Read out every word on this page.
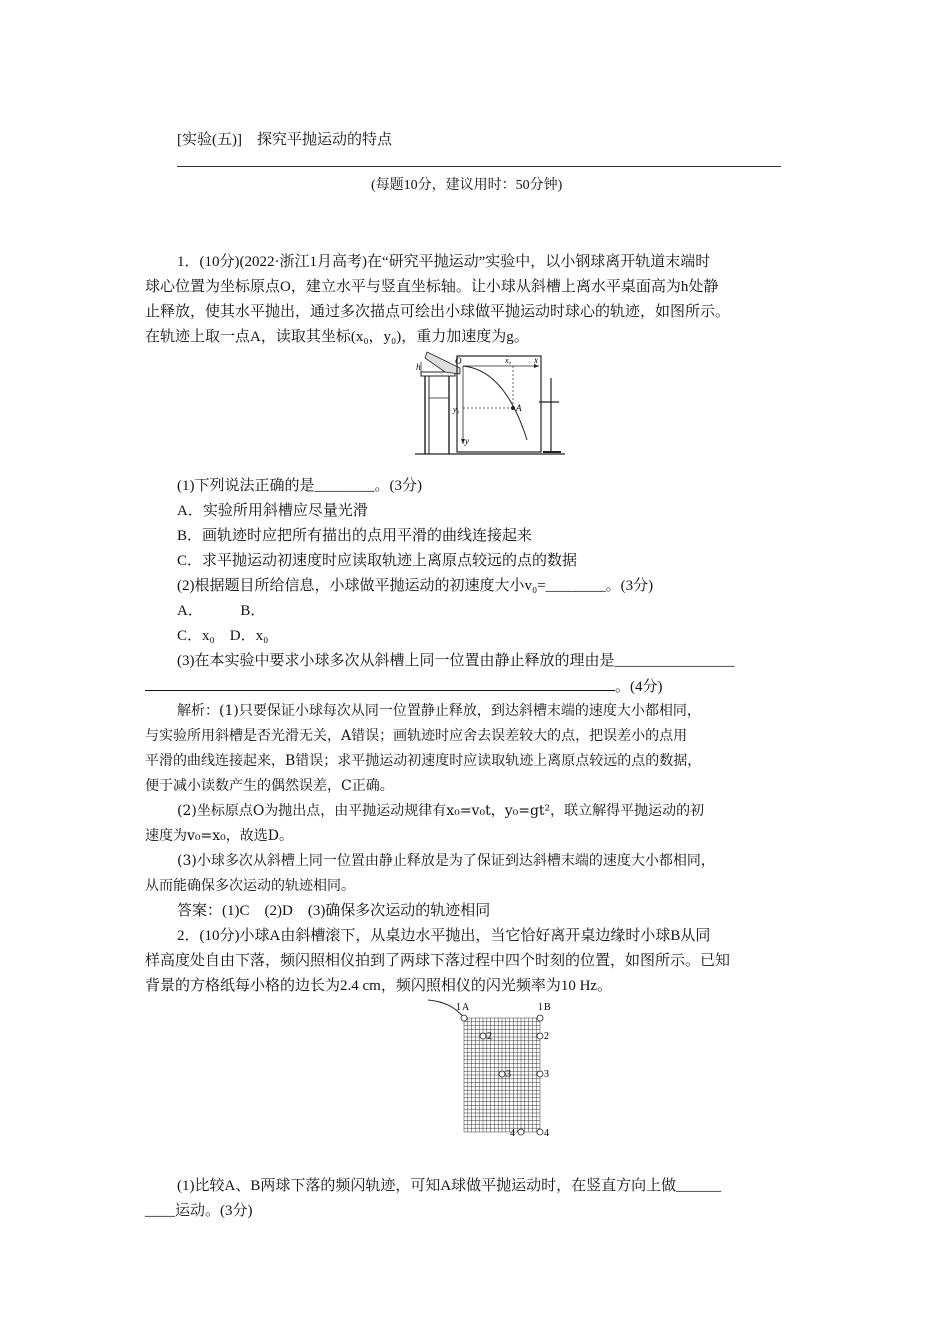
[实验(五)]　探究平抛运动的特点
(每题10分，建议用时：50分钟)
1．(10分)(2022·浙江1月高考)在“研究平抛运动”实验中，以小钢球离开轨道末端时
球心位置为坐标原点O，建立水平与竖直坐标轴。让小球从斜槽上离水平桌面高为h处静
止释放，使其水平抛出，通过多次描点可绘出小球做平抛运动时球心的轨迹，如图所示。
在轨迹上取一点A，读取其坐标(x₀，y₀)，重力加速度为g。
h
O	x₀	x
y₀
y
A
(1)下列说法正确的是________。(3分)
A．实验所用斜槽应尽量光滑
B．画轨迹时应把所有描出的点用平滑的曲线连接起来
C．求平抛运动初速度时应读取轨迹上离原点较远的点的数据
(2)根据题目所给信息，小球做平抛运动的初速度大小v₀=________。(3分)
A．　　　B．
C．x₀　D．x₀
(3)在本实验中要求小球多次从斜槽上同一位置由静止释放的理由是________________
。(4分)
解析：(1)只要保证小球每次从同一位置静止释放，到达斜槽末端的速度大小都相同，
与实验所用斜槽是否光滑无关，A错误；画轨迹时应舍去误差较大的点，把误差小的点用
平滑的曲线连接起来，B错误；求平抛运动初速度时应读取轨迹上离原点较远的点的数据，
便于减小读数产生的偶然误差，C正确。
(2)坐标原点O为抛出点，由平抛运动规律有x₀=v₀t，y₀=gt²，联立解得平抛运动的初
速度为v₀=x₀，故选D。
(3)小球多次从斜槽上同一位置由静止释放是为了保证到达斜槽末端的速度大小都相同，
从而能确保多次运动的轨迹相同。
答案：(1)C　(2)D　(3)确保多次运动的轨迹相同
2．(10分)小球A由斜槽滚下，从桌边水平抛出，当它恰好离开桌边缘时小球B从同
样高度处自由下落，频闪照相仪拍到了两球下落过程中四个时刻的位置，如图所示。已知
背景的方格纸每小格的边长为2.4 cm，频闪照相仪的闪光频率为10 Hz。
1 A	1 B
2	2
3	3
4	4
(1)比较A、B两球下落的频闪轨迹，可知A球做平抛运动时，在竖直方向上做______
____运动。(3分)
